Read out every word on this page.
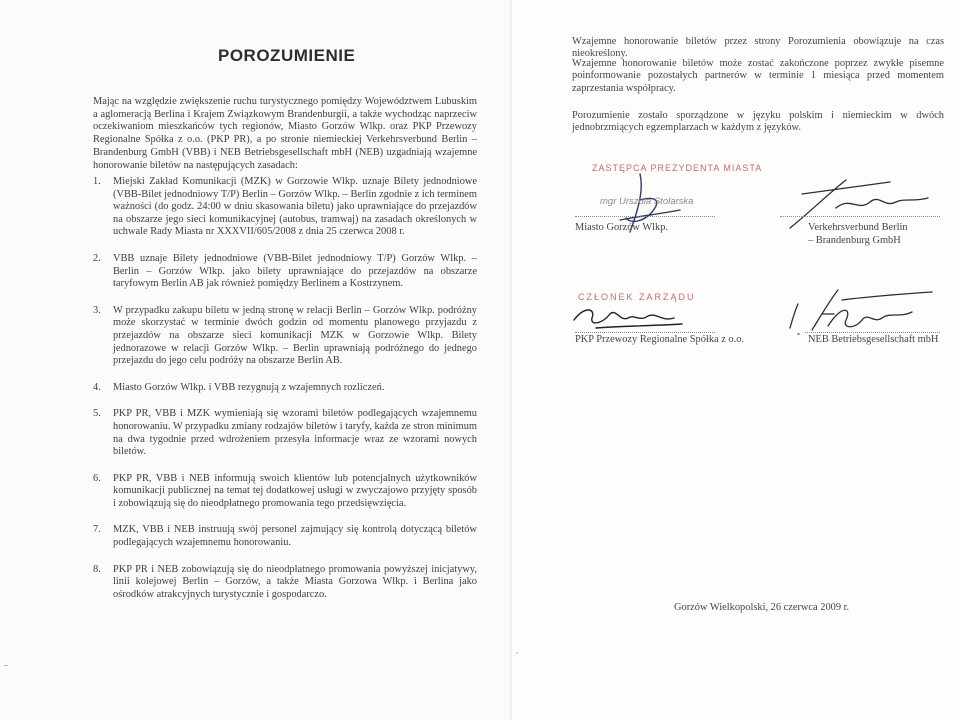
POROZUMIENIE

Mając na względzie zwiększenie ruchu turystycznego pomiędzy Województwem Lubuskim a aglomeracją Berlina i Krajem Związkowym Brandenburgii, a także wychodząc naprzeciw oczekiwaniom mieszkańców tych regionów, Miasto Gorzów Wlkp. oraz PKP Przewozy Regionalne Spółka z o.o. (PKP PR), a po stronie niemieckiej Verkehrsverbund Berlin – Brandenburg GmbH (VBB) i NEB Betriebsgesellschaft mbH (NEB) uzgadniają wzajemne honorowanie biletów na następujących zasadach:

1.	Miejski Zakład Komunikacji (MZK) w Gorzowie Wlkp. uznaje Bilety jednodniowe (VBB-Bilet jednodniowy T/P) Berlin – Gorzów Wlkp. – Berlin zgodnie z ich terminem ważności (do godz. 24:00 w dniu skasowania biletu) jako uprawniające do przejazdów na obszarze jego sieci komunikacyjnej (autobus, tramwaj) na zasadach określonych w uchwale Rady Miasta nr XXXVII/605/2008 z dnia 25 czerwca 2008 r.
2.	VBB uznaje Bilety jednodniowe (VBB-Bilet jednodniowy T/P) Gorzów Wlkp. – Berlin – Gorzów Wlkp. jako bilety uprawniające do przejazdów na obszarze taryfowym Berlin AB jak również pomiędzy Berlinem a Kostrzynem.
3.	W przypadku zakupu biletu w jedną stronę w relacji Berlin – Gorzów Wlkp. podróżny może skorzystać w terminie dwóch godzin od momentu planowego przyjazdu z przejazdów na obszarze sieci komunikacji MZK w Gorzowie Wlkp. Bilety jednorazowe w relacji Gorzów Wlkp. – Berlin uprawniają podróżnego do jednego przejazdu do jego celu podróży na obszarze Berlin AB.
4.	Miasto Gorzów Wlkp. i VBB rezygnują z wzajemnych rozliczeń.
5.	PKP PR, VBB i MZK wymieniają się wzorami biletów podlegających wzajemnemu honorowaniu. W przypadku zmiany rodzajów biletów i taryfy, każda ze stron minimum na dwa tygodnie przed wdrożeniem przesyła informacje wraz ze wzorami nowych biletów.
6.	PKP PR, VBB i NEB informują swoich klientów lub potencjalnych użytkowników komunikacji publicznej na temat tej dodatkowej usługi w zwyczajowo przyjęty sposób i zobowiązują się do nieodpłatnego promowania tego przedsięwzięcia.
7.	MZK, VBB i NEB instruują swój personel zajmujący się kontrolą dotyczącą biletów podlegających wzajemnemu honorowaniu.
8.	PKP PR i NEB zobowiązują się do nieodpłatnego promowania powyższej inicjatywy, linii kolejowej Berlin – Gorzów, a także Miasta Gorzowa Wlkp. i Berlina jako ośrodków atrakcyjnych turystycznie i gospodarczo.

Wzajemne honorowanie biletów przez strony Porozumienia obowiązuje na czas nieokreślony.

Wzajemne honorowanie biletów może zostać zakończone poprzez zwykłe pisemne poinformowanie pozostałych partnerów w terminie 1 miesiąca przed momentem zaprzestania współpracy.

Porozumienie zostało sporządzone w języku polskim i niemieckim w dwóch jednobrzmiących egzemplarzach w każdym z języków.

ZASTĘPCA PREZYDENTA MIASTA
mgr Urszula Stolarska
Miasto Gorzów Wlkp.	Verkehrsverbund Berlin
– Brandenburg GmbH
CZŁONEK ZARZĄDU
PKP Przewozy Regionalne Spółka z o.o.	NEB Betriebsgesellschaft mbH

Gorzów Wielkopolski, 26 czerwca 2009 r.
